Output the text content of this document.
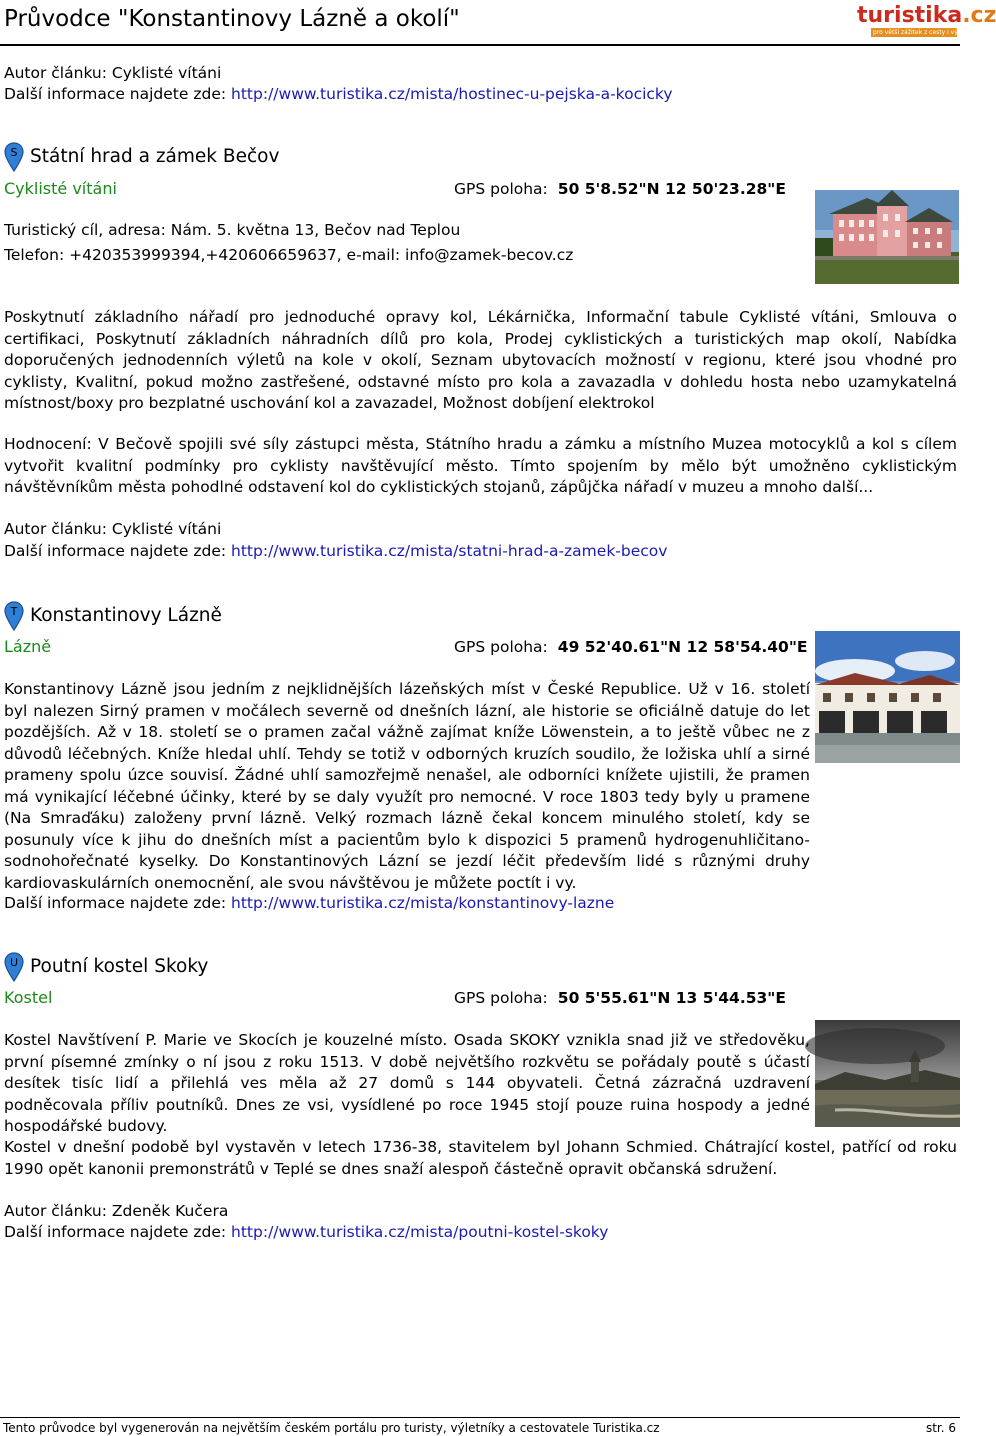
Průvodce "Konstantinovy Lázně a okolí"	turistika.cz
pro větší zážitek z cesty i výletu
Autor článku: Cyklisté vítáni
Další informace najdete zde: http://www.turistika.cz/mista/hostinec-u-pejska-a-kocicky
S Státní hrad a zámek Bečov
Cyklisté vítáni	GPS poloha: 50 5'8.52"N 12 50'23.28"E
Turistický cíl, adresa: Nám. 5. května 13, Bečov nad Teplou
Telefon: +420353999394,+420606659637, e-mail: info@zamek-becov.cz
Poskytnutí základního nářadí pro jednoduché opravy kol, Lékárnička, Informační tabule Cyklisté vítáni, Smlouva o certifikaci, Poskytnutí základních náhradních dílů pro kola, Prodej cyklistických a turistických map okolí, Nabídka doporučených jednodenních výletů na kole v okolí, Seznam ubytovacích možností v regionu, které jsou vhodné pro cyklisty, Kvalitní, pokud možno zastřešené, odstavné místo pro kola a zavazadla v dohledu hosta nebo uzamykatelná místnost/boxy pro bezplatné uschování kol a zavazadel, Možnost dobíjení elektrokol
Hodnocení: V Bečově spojili své síly zástupci města, Státního hradu a zámku a místního Muzea motocyklů a kol s cílem vytvořit kvalitní podmínky pro cyklisty navštěvující město. Tímto spojením by mělo být umožněno cyklistickým návštěvníkům města pohodlné odstavení kol do cyklistických stojanů, zápůjčka nářadí v muzeu a mnoho další...
Autor článku: Cyklisté vítáni
Další informace najdete zde: http://www.turistika.cz/mista/statni-hrad-a-zamek-becov
T Konstantinovy Lázně
Lázně	GPS poloha: 49 52'40.61"N 12 58'54.40"E
Konstantinovy Lázně jsou jedním z nejklidnějších lázeňských míst v České Republice. Už v 16. století byl nalezen Sirný pramen v močálech severně od dnešních lázní, ale historie se oficiálně datuje do let pozdějších. Až v 18. století se o pramen začal vážně zajímat kníže Löwenstein, a to ještě vůbec ne z důvodů léčebných. Kníže hledal uhlí. Tehdy se totiž v odborných kruzích soudilo, že ložiska uhlí a sirné prameny spolu úzce souvisí. Žádné uhlí samozřejmě nenašel, ale odborníci knížete ujistili, že pramen má vynikající léčebné účinky, které by se daly využít pro nemocné. V roce 1803 tedy byly u pramene (Na Smraďáku) založeny první lázně. Velký rozmach lázně čekal koncem minulého století, kdy se posunuly více k jihu do dnešních míst a pacientům bylo k dispozici 5 pramenů hydrogenuhličitano- sodnohořečnaté kyselky. Do Konstantinových Lázní se jezdí léčit především lidé s různými druhy kardiovaskulárních onemocnění, ale svou návštěvou je můžete poctít i vy.
Další informace najdete zde: http://www.turistika.cz/mista/konstantinovy-lazne
U Poutní kostel Skoky
Kostel	GPS poloha: 50 5'55.61"N 13 5'44.53"E
Kostel Navštívení P. Marie ve Skocích je kouzelné místo. Osada SKOKY vznikla snad již ve středověku, první písemné zmínky o ní jsou z roku 1513. V době největšího rozkvětu se pořádaly poutě s účastí desítek tisíc lidí a přilehlá ves měla až 27 domů s 144 obyvateli. Četná zázračná uzdravení podněcovala příliv poutníků. Dnes ze vsi, vysídlené po roce 1945 stojí pouze ruina hospody a jedné hospodářské budovy.
Kostel v dnešní podobě byl vystavěn v letech 1736-38, stavitelem byl Johann Schmied. Chátrající kostel, patřící od roku 1990 opět kanonii premonstrátů v Teplé se dnes snaží alespoň částečně opravit občanská sdružení.
Autor článku: Zdeněk Kučera
Další informace najdete zde: http://www.turistika.cz/mista/poutni-kostel-skoky
Tento průvodce byl vygenerován na největším českém portálu pro turisty, výletníky a cestovatele Turistika.cz	str. 6
